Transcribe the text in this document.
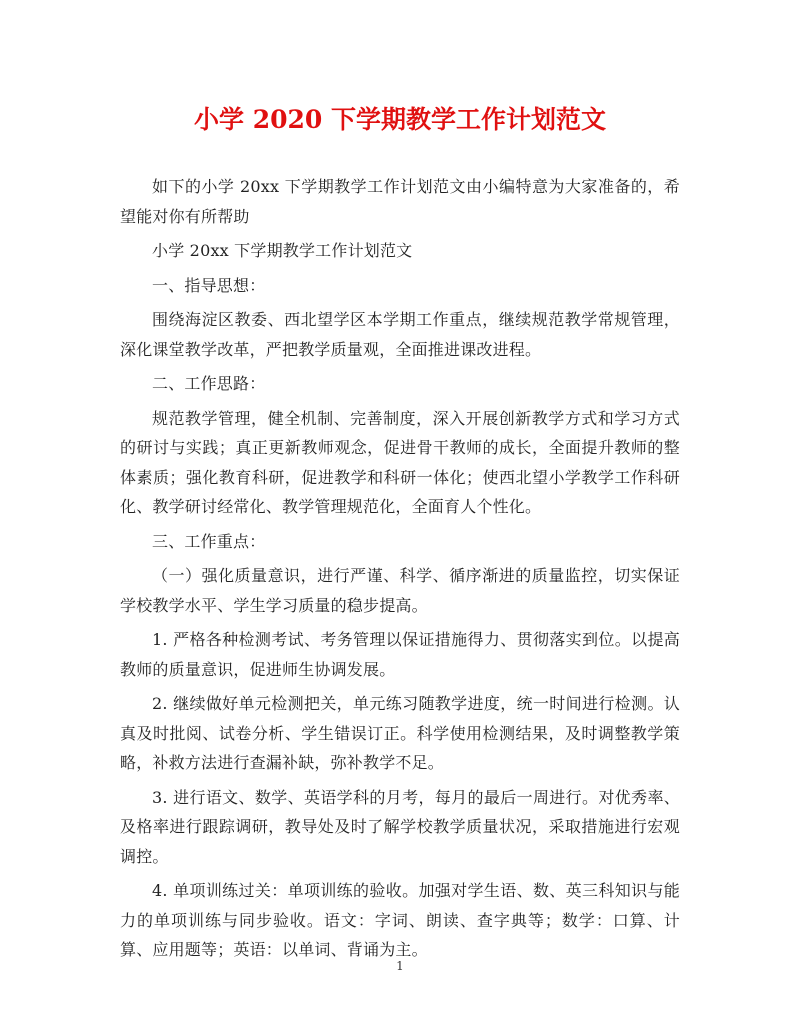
小学 2020 下学期教学工作计划范文

如下的小学 20xx 下学期教学工作计划范文由小编特意为大家准备的，希望能对你有所帮助

小学 20xx 下学期教学工作计划范文

一、指导思想：

围绕海淀区教委、西北望学区本学期工作重点，继续规范教学常规管理，深化课堂教学改革，严把教学质量观，全面推进课改进程。

二、工作思路：

规范教学管理，健全机制、完善制度，深入开展创新教学方式和学习方式的研讨与实践；真正更新教师观念，促进骨干教师的成长，全面提升教师的整体素质；强化教育科研，促进教学和科研一体化；使西北望小学教学工作科研化、教学研讨经常化、教学管理规范化，全面育人个性化。

三、工作重点：

（一）强化质量意识，进行严谨、科学、循序渐进的质量监控，切实保证学校教学水平、学生学习质量的稳步提高。

1. 严格各种检测考试、考务管理以保证措施得力、贯彻落实到位。以提高教师的质量意识，促进师生协调发展。

2. 继续做好单元检测把关，单元练习随教学进度，统一时间进行检测。认真及时批阅、试卷分析、学生错误订正。科学使用检测结果，及时调整教学策略，补救方法进行查漏补缺，弥补教学不足。

3. 进行语文、数学、英语学科的月考，每月的最后一周进行。对优秀率、及格率进行跟踪调研，教导处及时了解学校教学质量状况，采取措施进行宏观调控。

4. 单项训练过关：单项训练的验收。加强对学生语、数、英三科知识与能力的单项训练与同步验收。语文：字词、朗读、查字典等；数学：口算、计算、应用题等；英语：以单词、背诵为主。

1
